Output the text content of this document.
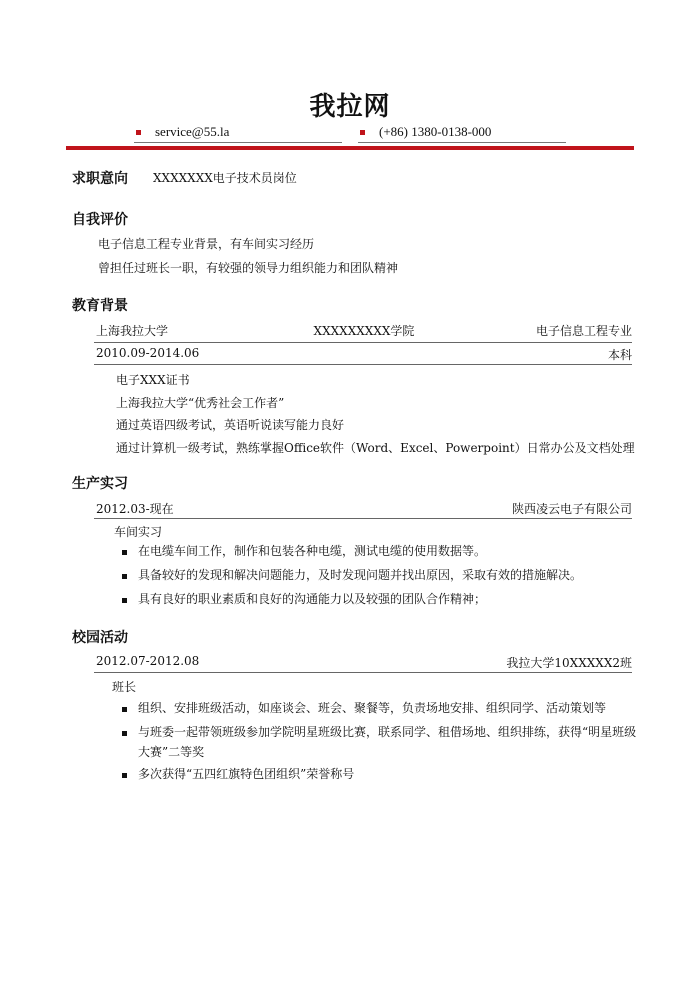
我拉网
service@55.la	(+86) 1380-0138-000
求职意向 XXXXXXX电子技术员岗位
自我评价
电子信息工程专业背景，有车间实习经历
曾担任过班长一职，有较强的领导力组织能力和团队精神
教育背景
上海我拉大学	XXXXXXXXX学院	电子信息工程专业
2010.09-2014.06	本科
电子XXX证书
上海我拉大学“优秀社会工作者”
通过英语四级考试，英语听说读写能力良好
通过计算机一级考试，熟练掌握Office软件（Word、Excel、Powerpoint）日常办公及文档处理
生产实习
2012.03-现在	陕西凌云电子有限公司
车间实习
在电缆车间工作，制作和包装各种电缆，测试电缆的使用数据等。
具备较好的发现和解决问题能力，及时发现问题并找出原因，采取有效的措施解决。
具有良好的职业素质和良好的沟通能力以及较强的团队合作精神；
校园活动
2012.07-2012.08	我拉大学10XXXXX2班
班长
组织、安排班级活动，如座谈会、班会、聚餐等，负责场地安排、组织同学、活动策划等
与班委一起带领班级参加学院明星班级比赛，联系同学、租借场地、组织排练，获得“明星班级大赛”二等奖
多次获得“五四红旗特色团组织”荣誉称号
